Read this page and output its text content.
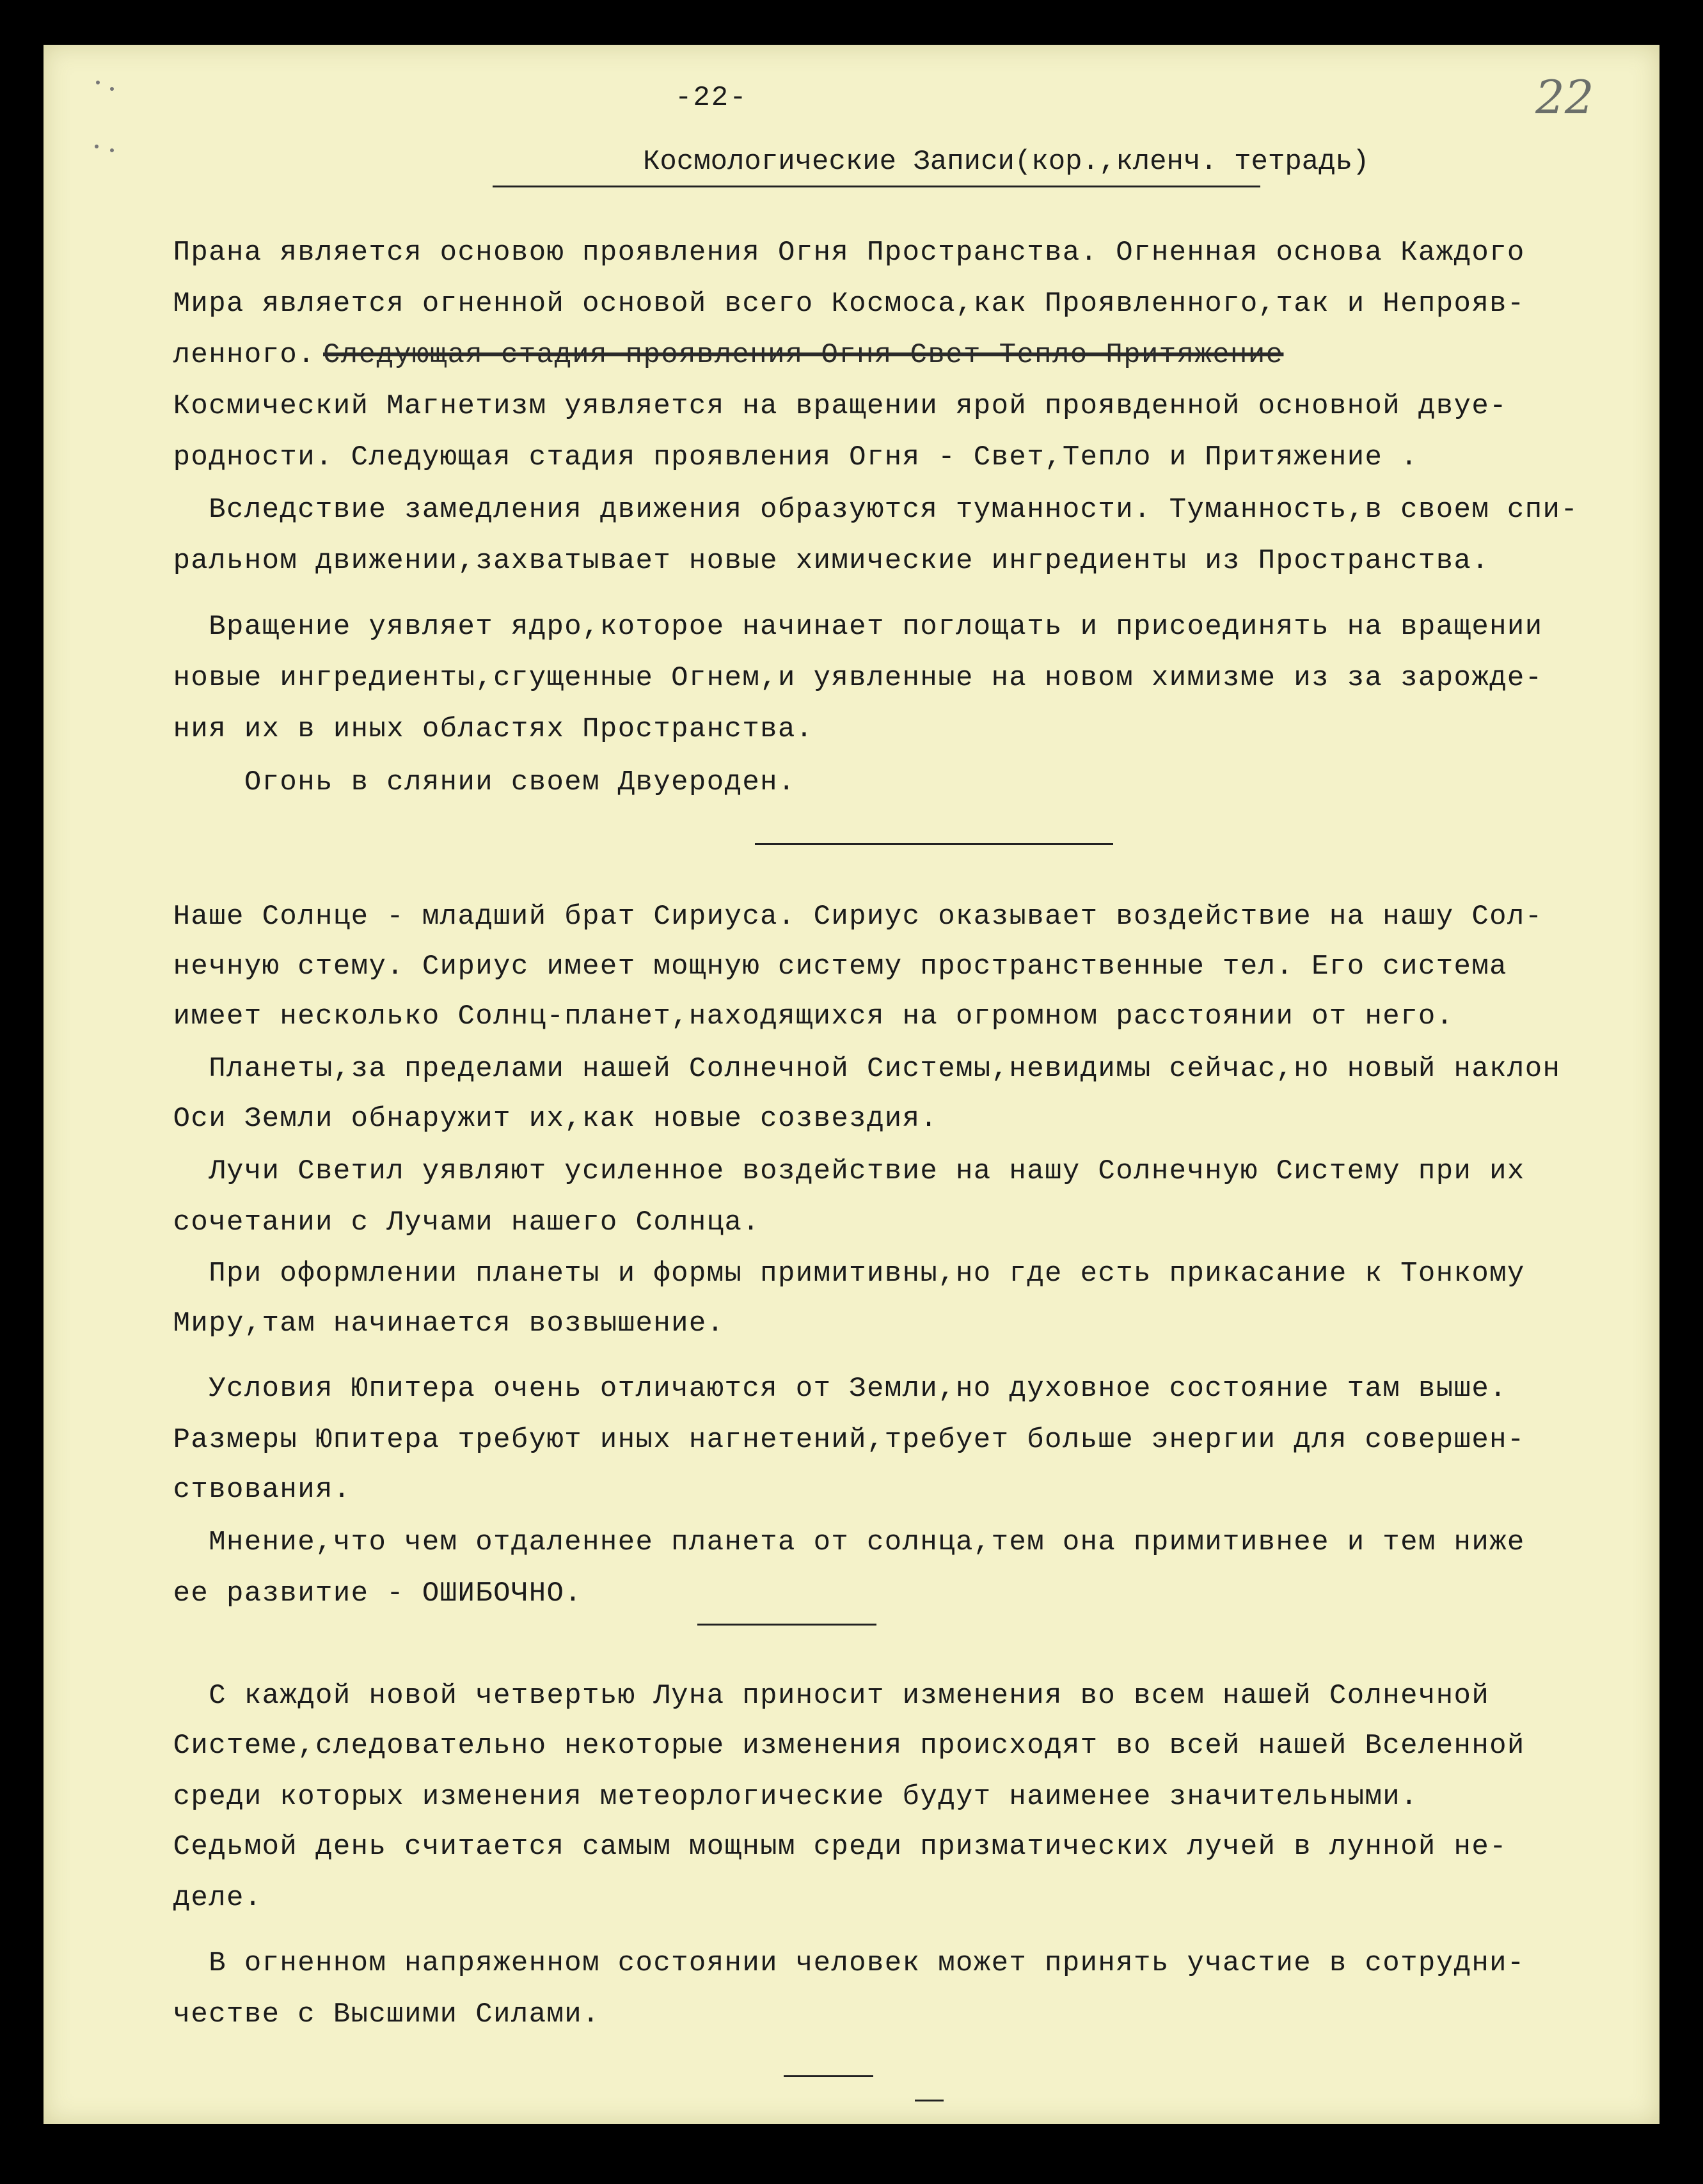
-22-	22
Космологические Записи(кор.,кленч. тетрадь)
Прана является основою проявления Огня Пространства. Огненная основа Каждого
Мира является огненной основой всего Космоса,как Проявленного,так и Непрояв-
ленного. Следующая стадия проявления Огня Свет Тепло Притяжение
Космический Магнетизм уявляется на вращении ярой проявденной основной двуе-
родности. Следующая стадия проявления Огня - Свет,Тепло и Притяжение .
Вследствие замедления движения образуются туманности. Туманность,в своем спи-
ральном движении,захватывает новые химические ингредиенты из Пространства.
Вращение уявляет ядро,которое начинает поглощать и присоединять на вращении
новые ингредиенты,сгущенные Огнем,и уявленные на новом химизме из за зарожде-
ния их в иных областях Пространства.
Огонь в слянии своем Двуероден.
Наше Солнце - младший брат Сириуса. Сириус оказывает воздействие на нашу Сол-
нечную стему. Сириус имеет мощную систему пространственные тел. Его система
имеет несколько Солнц-планет,находящихся на огромном расстоянии от него.
Планеты,за пределами нашей Солнечной Системы,невидимы сейчас,но новый наклон
Оси Земли обнаружит их,как новые созвездия.
Лучи Светил уявляют усиленное воздействие на нашу Солнечную Систему при их
сочетании с Лучами нашего Солнца.
При оформлении планеты и формы примитивны,но где есть прикасание к Тонкому
Миру,там начинается возвышение.
Условия Юпитера очень отличаются от Земли,но духовное состояние там выше.
Размеры Юпитера требуют иных нагнетений,требует больше энергии для совершен-
ствования.
Мнение,что чем отдаленнее планета от солнца,тем она примитивнее и тем ниже
ее развитие - ОШИБОЧНО.
С каждой новой четвертью Луна приносит изменения во всем нашей Солнечной
Системе,следовательно некоторые изменения происходят во всей нашей Вселенной
среди которых изменения метеорлогические будут наименее значительными.
Седьмой день считается самым мощным среди призматических лучей в лунной не-
деле.
В огненном напряженном состоянии человек может принять участие в сотрудни-
честве с Высшими Силами.
